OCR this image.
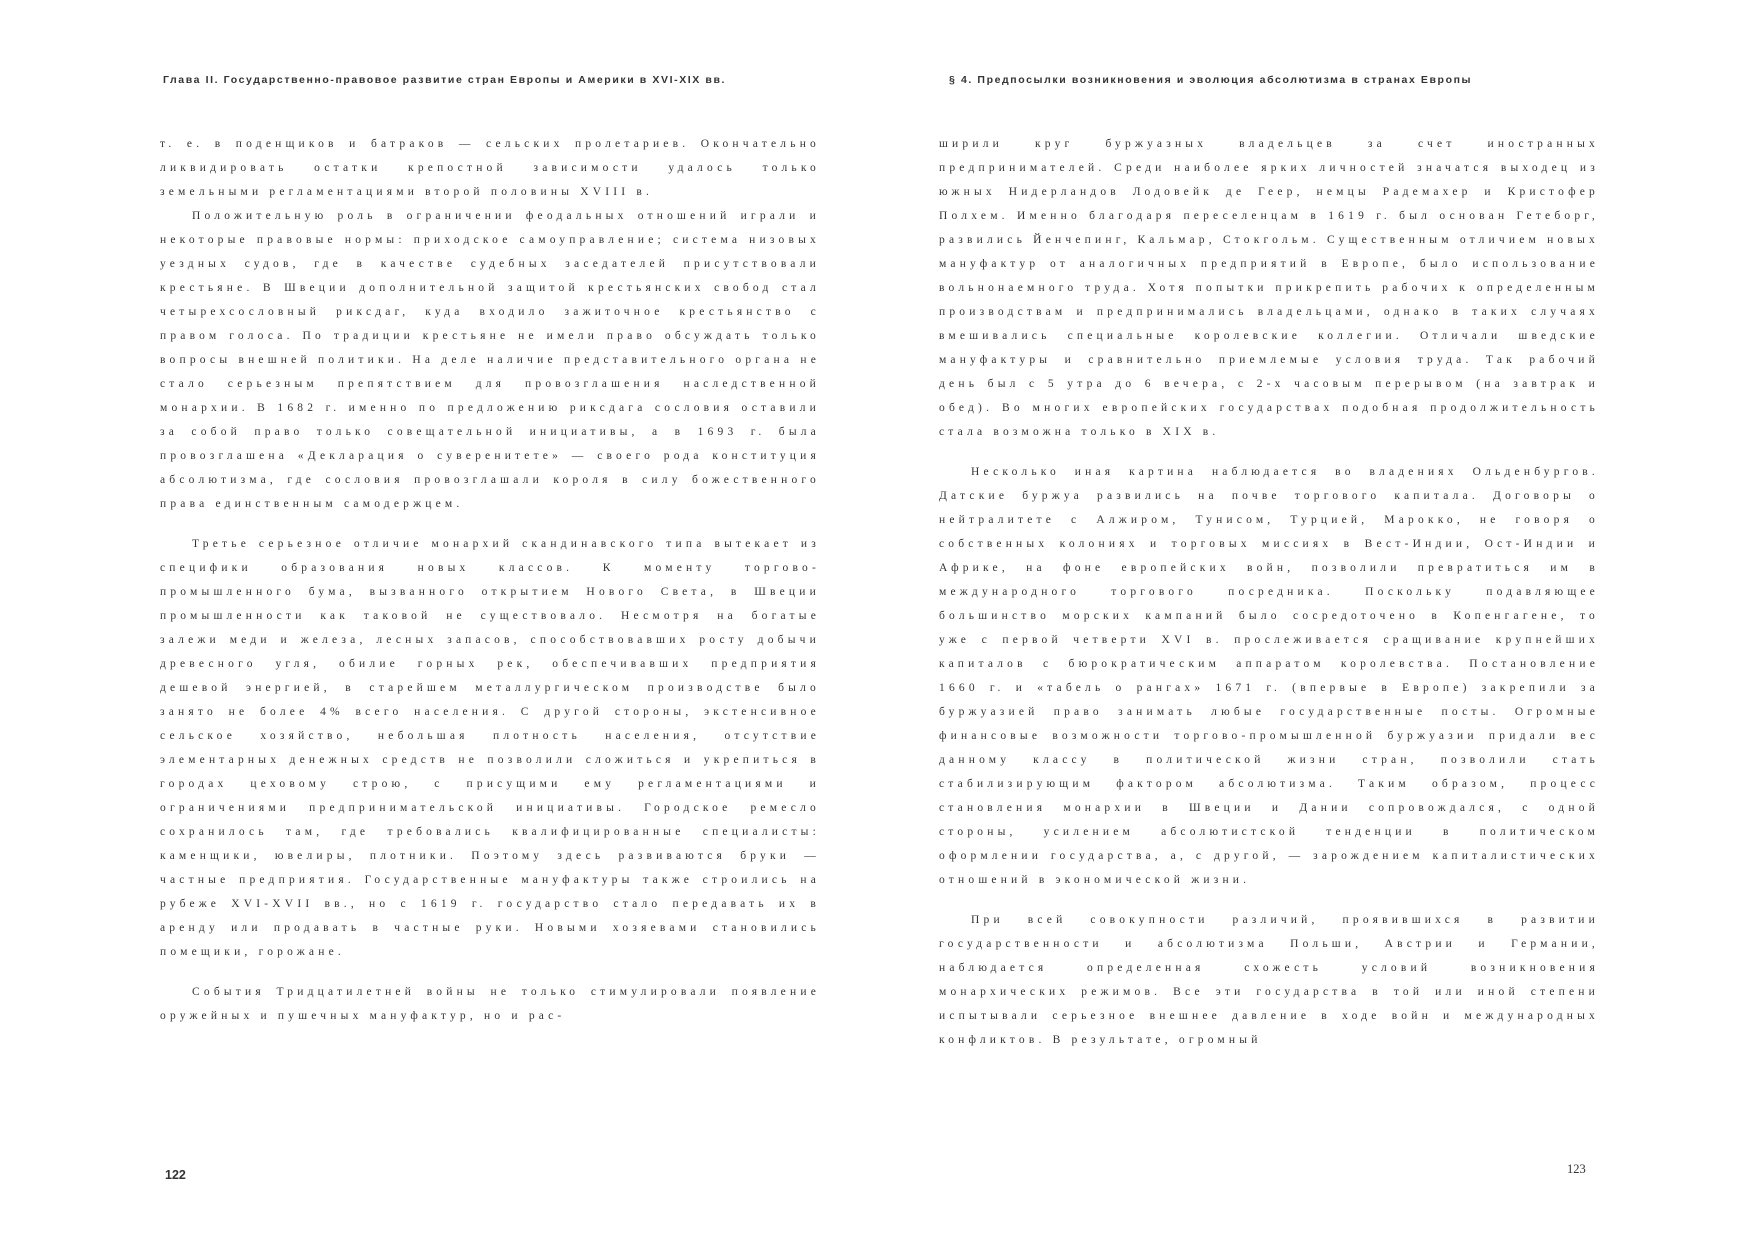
Глава II. Государственно-правовое развитие стран Европы и Америки в XVI-XIX вв.

т. е. в поденщиков и батраков — сельских пролетариев. Окончательно ликвидировать остатки крепостной зависимости удалось только земельными регламентациями второй половины XVIII в.

Положительную роль в ограничении феодальных отношений играли и некоторые правовые нормы: приходское самоуправление; система низовых уездных судов, где в качестве судебных заседателей присутствовали крестьяне. В Швеции дополнительной защитой крестьянских свобод стал четырехсословный риксдаг, куда входило зажиточное крестьянство с правом голоса. По традиции крестьяне не имели право обсуждать только вопросы внешней политики. На деле наличие представительного органа не стало серьезным препятствием для провозглашения наследственной монархии. В 1682 г. именно по предложению риксдага сословия оставили за собой право только совещательной инициативы, а в 1693 г. была провозглашена «Декларация о суверенитете» — своего рода конституция абсолютизма, где сословия провозглашали короля в силу божественного права единственным самодержцем.

Третье серьезное отличие монархий скандинавского типа вытекает из специфики образования новых классов. К моменту торгово-промышленного бума, вызванного открытием Нового Света, в Швеции промышленности как таковой не существовало. Несмотря на богатые залежи меди и железа, лесных запасов, способствовавших росту добычи древесного угля, обилие горных рек, обеспечивавших предприятия дешевой энергией, в старейшем металлургическом производстве было занято не более 4% всего населения. С другой стороны, экстенсивное сельское хозяйство, небольшая плотность населения, отсутствие элементарных денежных средств не позволили сложиться и укрепиться в городах цеховому строю, с присущими ему регламентациями и ограничениями предпринимательской инициативы. Городское ремесло сохранилось там, где требовались квалифицированные специалисты: каменщики, ювелиры, плотники. Поэтому здесь развиваются бруки — частные предприятия. Государственные мануфактуры также строились на рубеже XVI-XVII вв., но с 1619 г. государство стало передавать их в аренду или продавать в частные руки. Новыми хозяевами становились помещики, горожане.

События Тридцатилетней войны не только стимулировали появление оружейных и пушечных мануфактур, но и рас-

122
§ 4. Предпосылки возникновения и эволюция абсолютизма в странах Европы

ширили круг буржуазных владельцев за счет иностранных предпринимателей. Среди наиболее ярких личностей значатся выходец из южных Нидерландов Лодовейк де Геер, немцы Радемахер и Кристофер Полхем. Именно благодаря переселенцам в 1619 г. был основан Гетеборг, развились Йенчепинг, Кальмар, Стокгольм. Существенным отличием новых мануфактур от аналогичных предприятий в Европе, было использование вольнонаемного труда. Хотя попытки прикрепить рабочих к определенным производствам и предпринимались владельцами, однако в таких случаях вмешивались специальные королевские коллегии. Отличали шведские мануфактуры и сравнительно приемлемые условия труда. Так рабочий день был с 5 утра до 6 вечера, с 2-х часовым перерывом (на завтрак и обед). Во многих европейских государствах подобная продолжительность стала возможна только в XIX в.

Несколько иная картина наблюдается во владениях Ольденбургов. Датские буржуа развились на почве торгового капитала. Договоры о нейтралитете с Алжиром, Тунисом, Турцией, Марокко, не говоря о собственных колониях и торговых миссиях в Вест-Индии, Ост-Индии и Африке, на фоне европейских войн, позволили превратиться им в международного торгового посредника. Поскольку подавляющее большинство морских кампаний было сосредоточено в Копенгагене, то уже с первой четверти XVI в. прослеживается сращивание крупнейших капиталов с бюрократическим аппаратом королевства. Постановление 1660 г. и «табель о рангах» 1671 г. (впервые в Европе) закрепили за буржуазией право занимать любые государственные посты. Огромные финансовые возможности торгово-промышленной буржуазии придали вес данному классу в политической жизни стран, позволили стать стабилизирующим фактором абсолютизма. Таким образом, процесс становления монархии в Швеции и Дании сопровождался, с одной стороны, усилением абсолютистской тенденции в политическом оформлении государства, а, с другой, — зарождением капиталистических отношений в экономической жизни.

При всей совокупности различий, проявившихся в развитии государственности и абсолютизма Польши, Австрии и Германии, наблюдается определенная схожесть условий возникновения монархических режимов. Все эти государства в той или иной степени испытывали серьезное внешнее давление в ходе войн и международных конфликтов. В результате, огромный

123
